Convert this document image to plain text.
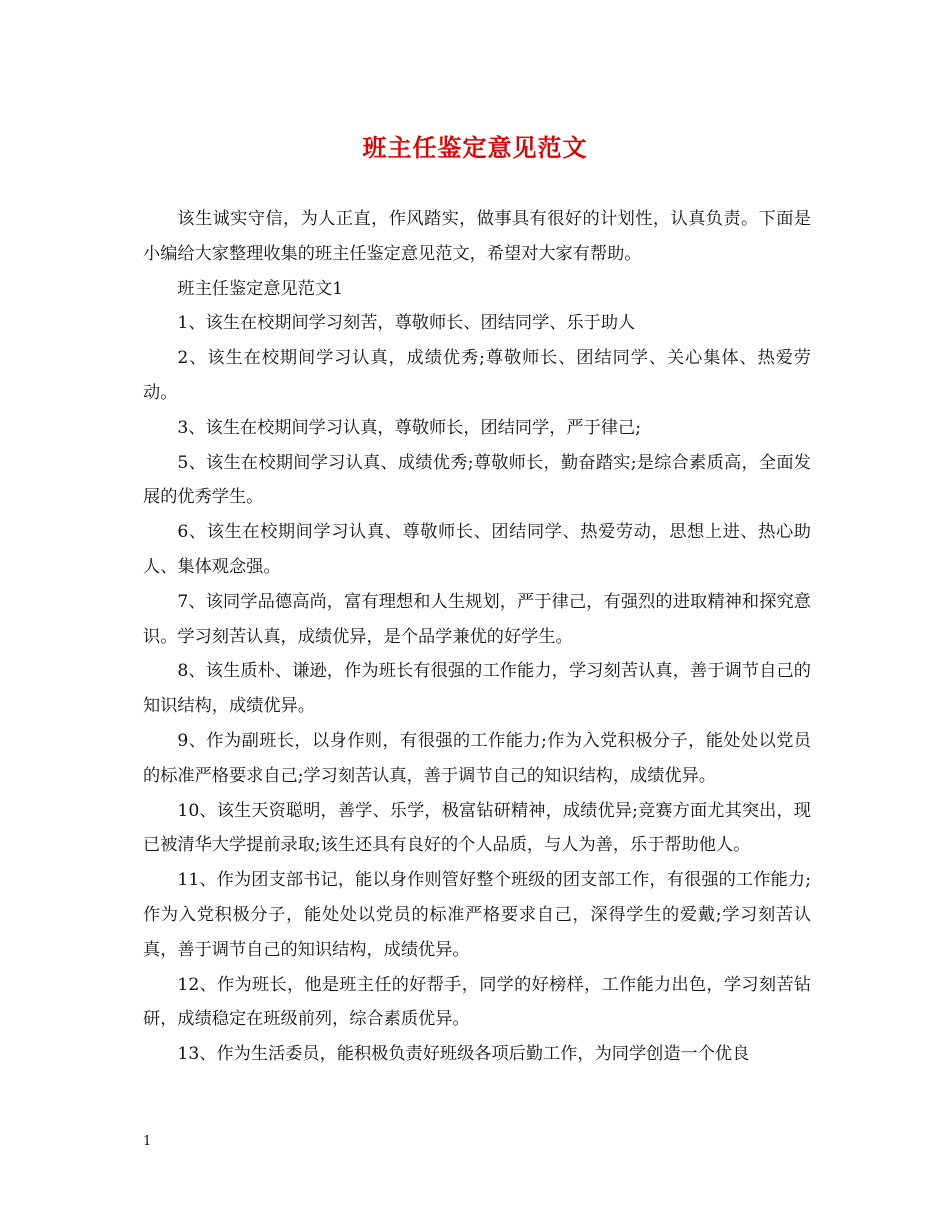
班主任鉴定意见范文

该生诚实守信，为人正直，作风踏实，做事具有很好的计划性，认真负责。下面是小编给大家整理收集的班主任鉴定意见范文，希望对大家有帮助。

班主任鉴定意见范文1

1、该生在校期间学习刻苦，尊敬师长、团结同学、乐于助人

2、该生在校期间学习认真，成绩优秀;尊敬师长、团结同学、关心集体、热爱劳动。

3、该生在校期间学习认真，尊敬师长，团结同学，严于律己;

5、该生在校期间学习认真、成绩优秀;尊敬师长，勤奋踏实;是综合素质高，全面发展的优秀学生。

6、该生在校期间学习认真、尊敬师长、团结同学、热爱劳动，思想上进、热心助人、集体观念强。

7、该同学品德高尚，富有理想和人生规划，严于律己，有强烈的进取精神和探究意识。学习刻苦认真，成绩优异，是个品学兼优的好学生。

8、该生质朴、谦逊，作为班长有很强的工作能力，学习刻苦认真，善于调节自己的知识结构，成绩优异。

9、作为副班长，以身作则，有很强的工作能力;作为入党积极分子，能处处以党员的标准严格要求自己;学习刻苦认真，善于调节自己的知识结构，成绩优异。

10、该生天资聪明，善学、乐学，极富钻研精神，成绩优异;竞赛方面尤其突出，现已被清华大学提前录取;该生还具有良好的个人品质，与人为善，乐于帮助他人。

11、作为团支部书记，能以身作则管好整个班级的团支部工作，有很强的工作能力;作为入党积极分子，能处处以党员的标准严格要求自己，深得学生的爱戴;学习刻苦认真，善于调节自己的知识结构，成绩优异。

12、作为班长，他是班主任的好帮手，同学的好榜样，工作能力出色，学习刻苦钻研，成绩稳定在班级前列，综合素质优异。

13、作为生活委员，能积极负责好班级各项后勤工作，为同学创造一个优良

1
